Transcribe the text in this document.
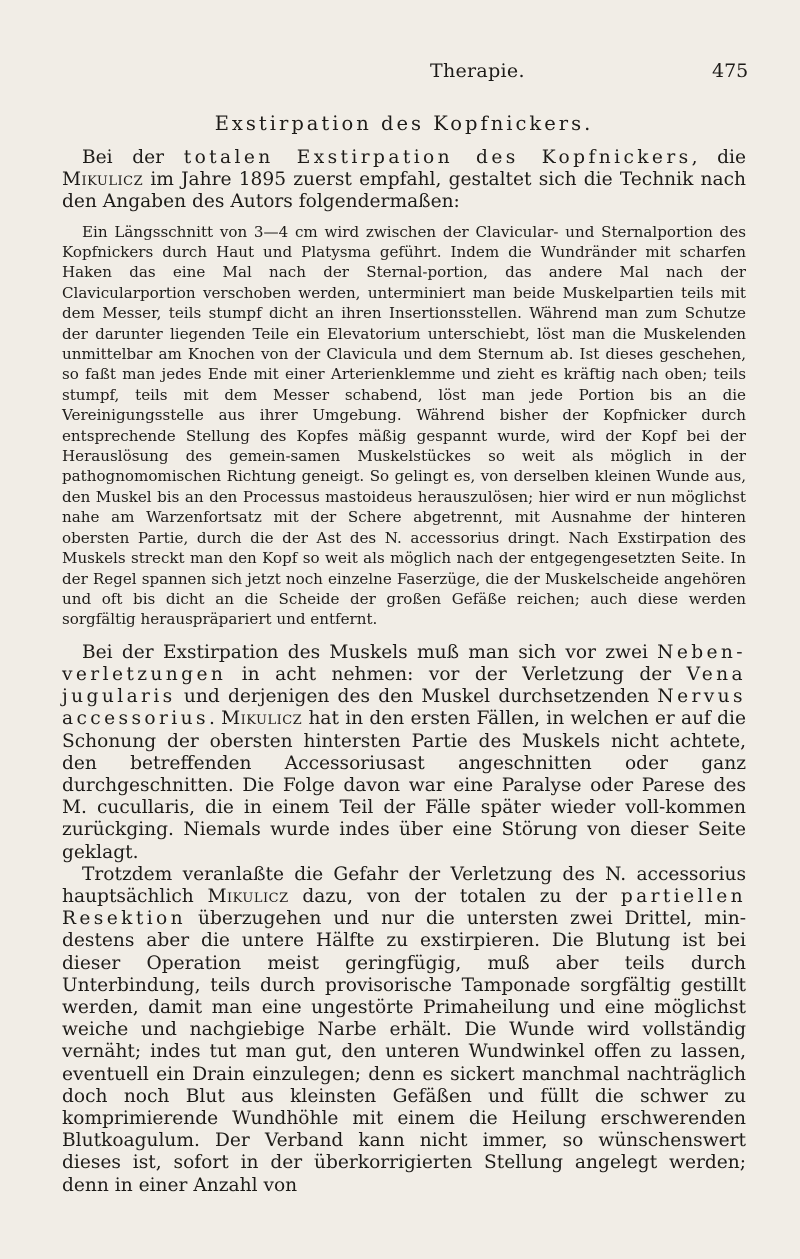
Therapie.	475
Exstirpation des Kopfnickers.

Bei der totalen Exstirpation des Kopfnickers, die Mikulicz im Jahre 1895 zuerst empfahl, gestaltet sich die Technik nach den Angaben des Autors folgendermaßen:

Ein Längsschnitt von 3—4 cm wird zwischen der Clavicular- und Sternalportion des Kopfnickers durch Haut und Platysma geführt. Indem die Wundränder mit scharfen Haken das eine Mal nach der Sternal-portion, das andere Mal nach der Clavicularportion verschoben werden, unterminiert man beide Muskelpartien teils mit dem Messer, teils stumpf dicht an ihren Insertionsstellen. Während man zum Schutze der darunter liegenden Teile ein Elevatorium unterschiebt, löst man die Muskelenden unmittelbar am Knochen von der Clavicula und dem Sternum ab. Ist dieses geschehen, so faßt man jedes Ende mit einer Arterienklemme und zieht es kräftig nach oben; teils stumpf, teils mit dem Messer schabend, löst man jede Portion bis an die Vereinigungsstelle aus ihrer Umgebung. Während bisher der Kopfnicker durch entsprechende Stellung des Kopfes mäßig gespannt wurde, wird der Kopf bei der Herauslösung des gemein-samen Muskelstückes so weit als möglich in der pathognomomischen Richtung geneigt. So gelingt es, von derselben kleinen Wunde aus, den Muskel bis an den Processus mastoideus herauszulösen; hier wird er nun möglichst nahe am Warzenfortsatz mit der Schere abgetrennt, mit Ausnahme der hinteren obersten Partie, durch die der Ast des N. accessorius dringt. Nach Exstirpation des Muskels streckt man den Kopf so weit als möglich nach der entgegengesetzten Seite. In der Regel spannen sich jetzt noch einzelne Faserzüge, die der Muskelscheide angehören und oft bis dicht an die Scheide der großen Gefäße reichen; auch diese werden sorgfältig herauspräpariert und entfernt.

Bei der Exstirpation des Muskels muß man sich vor zwei Neben-verletzungen in acht nehmen: vor der Verletzung der Vena jugularis und derjenigen des den Muskel durchsetzenden Nervus accessorius. Mikulicz hat in den ersten Fällen, in welchen er auf die Schonung der obersten hintersten Partie des Muskels nicht achtete, den betreffenden Accessoriusast angeschnitten oder ganz durchgeschnitten. Die Folge davon war eine Paralyse oder Parese des M. cucullaris, die in einem Teil der Fälle später wieder voll-kommen zurückging. Niemals wurde indes über eine Störung von dieser Seite geklagt.

Trotzdem veranlaßte die Gefahr der Verletzung des N. accessorius hauptsächlich Mikulicz dazu, von der totalen zu der partiellen Resektion überzugehen und nur die untersten zwei Drittel, min-destens aber die untere Hälfte zu exstirpieren. Die Blutung ist bei dieser Operation meist geringfügig, muß aber teils durch Unterbindung, teils durch provisorische Tamponade sorgfältig gestillt werden, damit man eine ungestörte Primaheilung und eine möglichst weiche und nachgiebige Narbe erhält. Die Wunde wird vollständig vernäht; indes tut man gut, den unteren Wundwinkel offen zu lassen, eventuell ein Drain einzulegen; denn es sickert manchmal nachträglich doch noch Blut aus kleinsten Gefäßen und füllt die schwer zu komprimierende Wundhöhle mit einem die Heilung erschwerenden Blutkoagulum. Der Verband kann nicht immer, so wünschenswert dieses ist, sofort in der überkorrigierten Stellung angelegt werden; denn in einer Anzahl von
